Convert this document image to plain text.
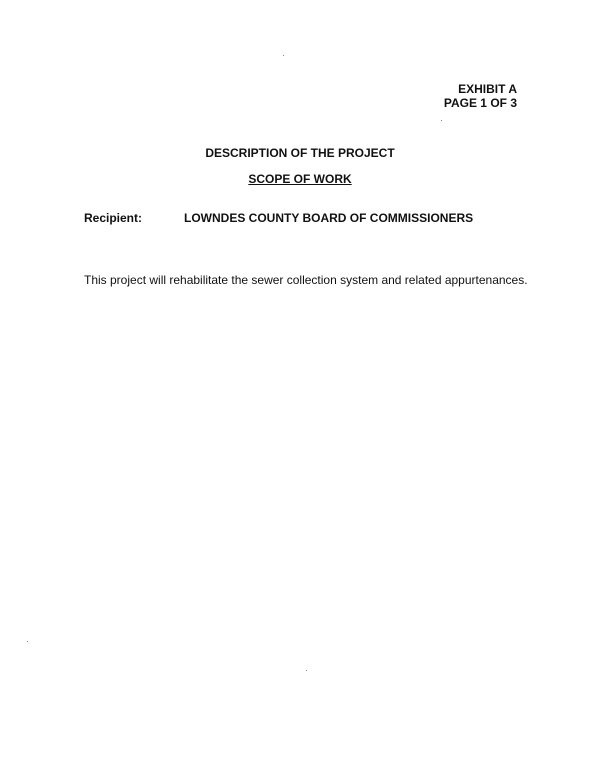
EXHIBIT A
PAGE 1 OF 3
DESCRIPTION OF THE PROJECT
SCOPE OF WORK
Recipient:	LOWNDES COUNTY BOARD OF COMMISSIONERS
This project will rehabilitate the sewer collection system and related appurtenances.
